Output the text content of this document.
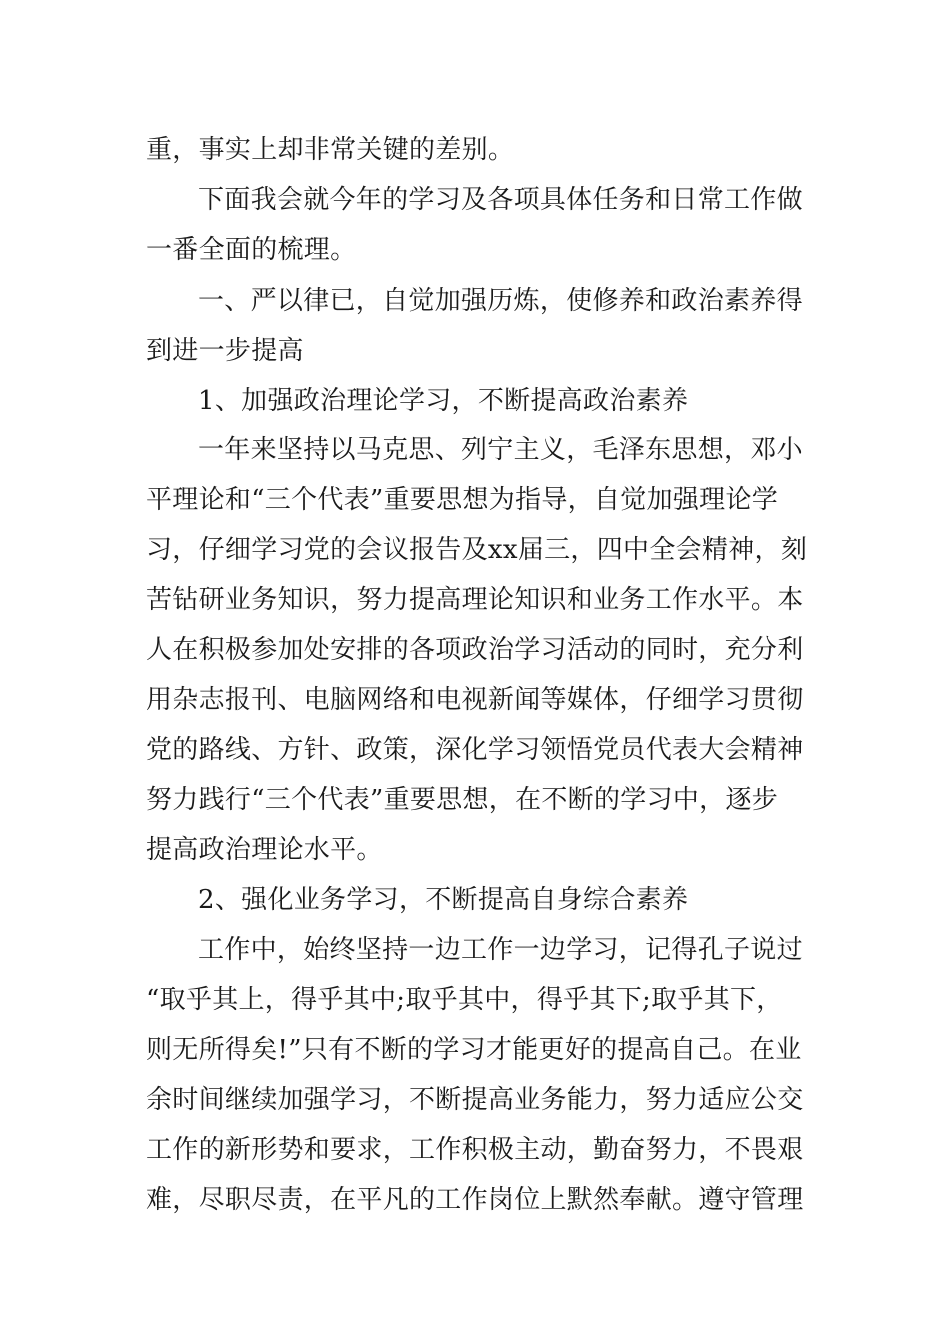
重，事实上却非常关键的差别。
下面我会就今年的学习及各项具体任务和日常工作做
一番全面的梳理。
一、严以律已，自觉加强历炼，使修养和政治素养得
到进一步提高
1、加强政治理论学习，不断提高政治素养
一年来坚持以马克思、列宁主义，毛泽东思想，邓小
平理论和“三个代表”重要思想为指导，自觉加强理论学
习，仔细学习党的会议报告及xx届三，四中全会精神，刻
苦钻研业务知识，努力提高理论知识和业务工作水平。本
人在积极参加处安排的各项政治学习活动的同时，充分利
用杂志报刊、电脑网络和电视新闻等媒体，仔细学习贯彻
党的路线、方针、政策，深化学习领悟党员代表大会精神
努力践行“三个代表”重要思想，在不断的学习中，逐步
提高政治理论水平。
2、强化业务学习，不断提高自身综合素养
工作中，始终坚持一边工作一边学习，记得孔子说过
“取乎其上，得乎其中;取乎其中，得乎其下;取乎其下，
则无所得矣!”只有不断的学习才能更好的提高自己。在业
余时间继续加强学习，不断提高业务能力，努力适应公交
工作的新形势和要求，工作积极主动，勤奋努力，不畏艰
难，尽职尽责，在平凡的工作岗位上默然奉献。遵守管理
